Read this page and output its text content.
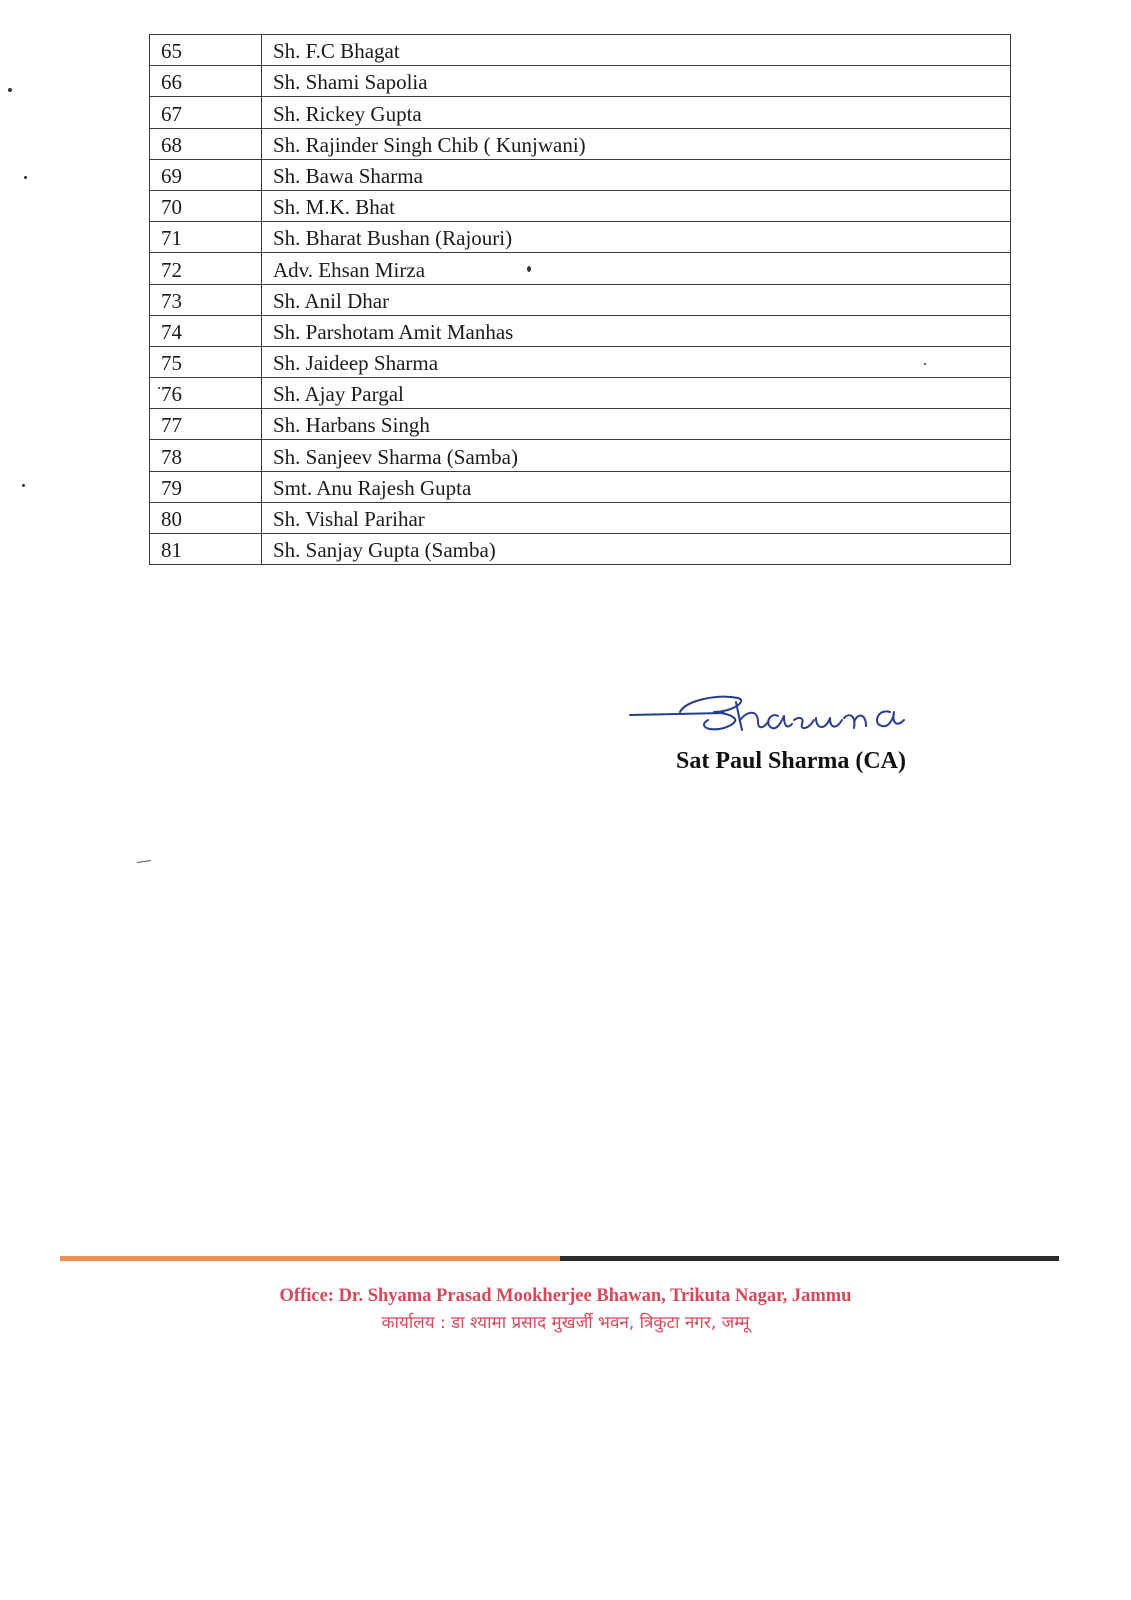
65	Sh. F.C Bhagat
66	Sh. Shami Sapolia
67	Sh. Rickey Gupta
68	Sh. Rajinder Singh Chib ( Kunjwani)
69	Sh. Bawa Sharma
70	Sh. M.K. Bhat
71	Sh. Bharat Bushan (Rajouri)
72	Adv. Ehsan Mirza
73	Sh. Anil Dhar
74	Sh. Parshotam Amit Manhas
75	Sh. Jaideep Sharma
76	Sh. Ajay Pargal
77	Sh. Harbans Singh
78	Sh. Sanjeev Sharma (Samba)
79	Smt. Anu Rajesh Gupta
80	Sh. Vishal Parihar
81	Sh. Sanjay Gupta (Samba)
Sat Paul Sharma (CA)
Office: Dr. Shyama Prasad Mookherjee Bhawan, Trikuta Nagar, Jammu
कार्यालय : डा श्यामा प्रसाद मुखर्जी भवन, त्रिकुटा नगर, जम्मू
